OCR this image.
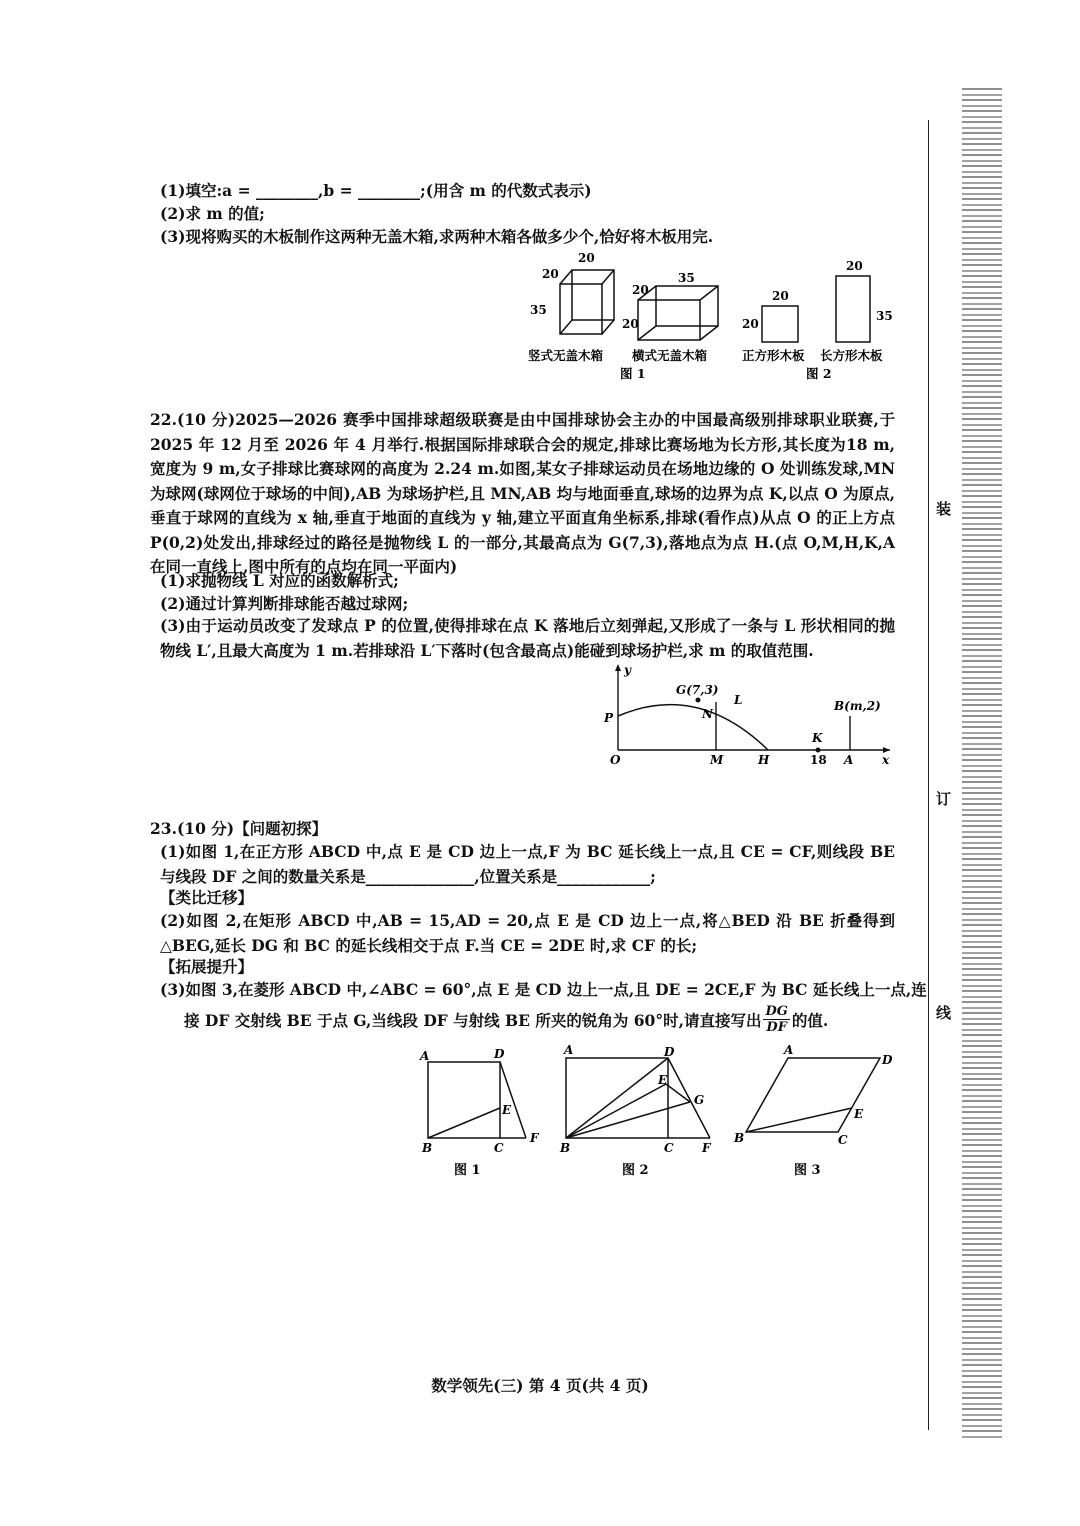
装
订
线
(1)填空:a = ________,b = ________;(用含 m 的代数式表示)
(2)求 m 的值;
(3)现将购买的木板制作这两种无盖木箱,求两种木箱各做多少个,恰好将木板用完.
20
20
35
竖式无盖木箱
20
35
20
横式无盖木箱
图 1
20
20
正方形木板
20
35
长方形木板
图 2
22.(10 分)2025—2026 赛季中国排球超级联赛是由中国排球协会主办的中国最高级别排球职业联赛,于2025 年 12 月至 2026 年 4 月举行.根据国际排球联合会的规定,排球比赛场地为长方形,其长度为18 m,宽度为 9 m,女子排球比赛球网的高度为 2.24 m.如图,某女子排球运动员在场地边缘的 O 处训练发球,MN 为球网(球网位于球场的中间),AB 为球场护栏,且 MN,AB 均与地面垂直,球场的边界为点 K,以点 O 为原点,垂直于球网的直线为 x 轴,垂直于地面的直线为 y 轴,建立平面直角坐标系,排球(看作点)从点 O 的正上方点 P(0,2)处发出,排球经过的路径是抛物线 L 的一部分,其最高点为 G(7,3),落地点为点 H.(点 O,M,H,K,A 在同一直线上,图中所有的点均在同一平面内)
(1)求抛物线 L 对应的函数解析式;
(2)通过计算判断排球能否越过球网;
(3)由于运动员改变了发球点 P 的位置,使得排球在点 K 落地后立刻弹起,又形成了一条与 L 形状相同的抛物线 L′,且最大高度为 1 m.若排球沿 L′下落时(包含最高点)能碰到球场护栏,求 m 的取值范围.
y
x
O
P
G(7,3)
L
N
M	H
K
18 A
B(m,2)
23.(10 分)【问题初探】
(1)如图 1,在正方形 ABCD 中,点 E 是 CD 边上一点,F 为 BC 延长线上一点,且 CE = CF,则线段 BE 与线段 DF 之间的数量关系是______________,位置关系是____________;
【类比迁移】
(2)如图 2,在矩形 ABCD 中,AB = 15,AD = 20,点 E 是 CD 边上一点,将△BED 沿 BE 折叠得到△BEG,延长 DG 和 BC 的延长线相交于点 F.当 CE = 2DE 时,求 CF 的长;
【拓展提升】
(3)如图 3,在菱形 ABCD 中,∠ABC = 60°,点 E 是 CD 边上一点,且 DE = 2CE,F 为 BC 延长线上一点,连
接 DF 交射线 BE 于点 G,当线段 DF 与射线 BE 所夹的锐角为 60°时,请直接写出 $\frac{DG}{DF}$ 的值.
A	D
B	C
E
F
图 1
A	D
E
G
B	C F
图 2
A
D
B	C
E
图 3
数学领先(三) 第 4 页(共 4 页)
